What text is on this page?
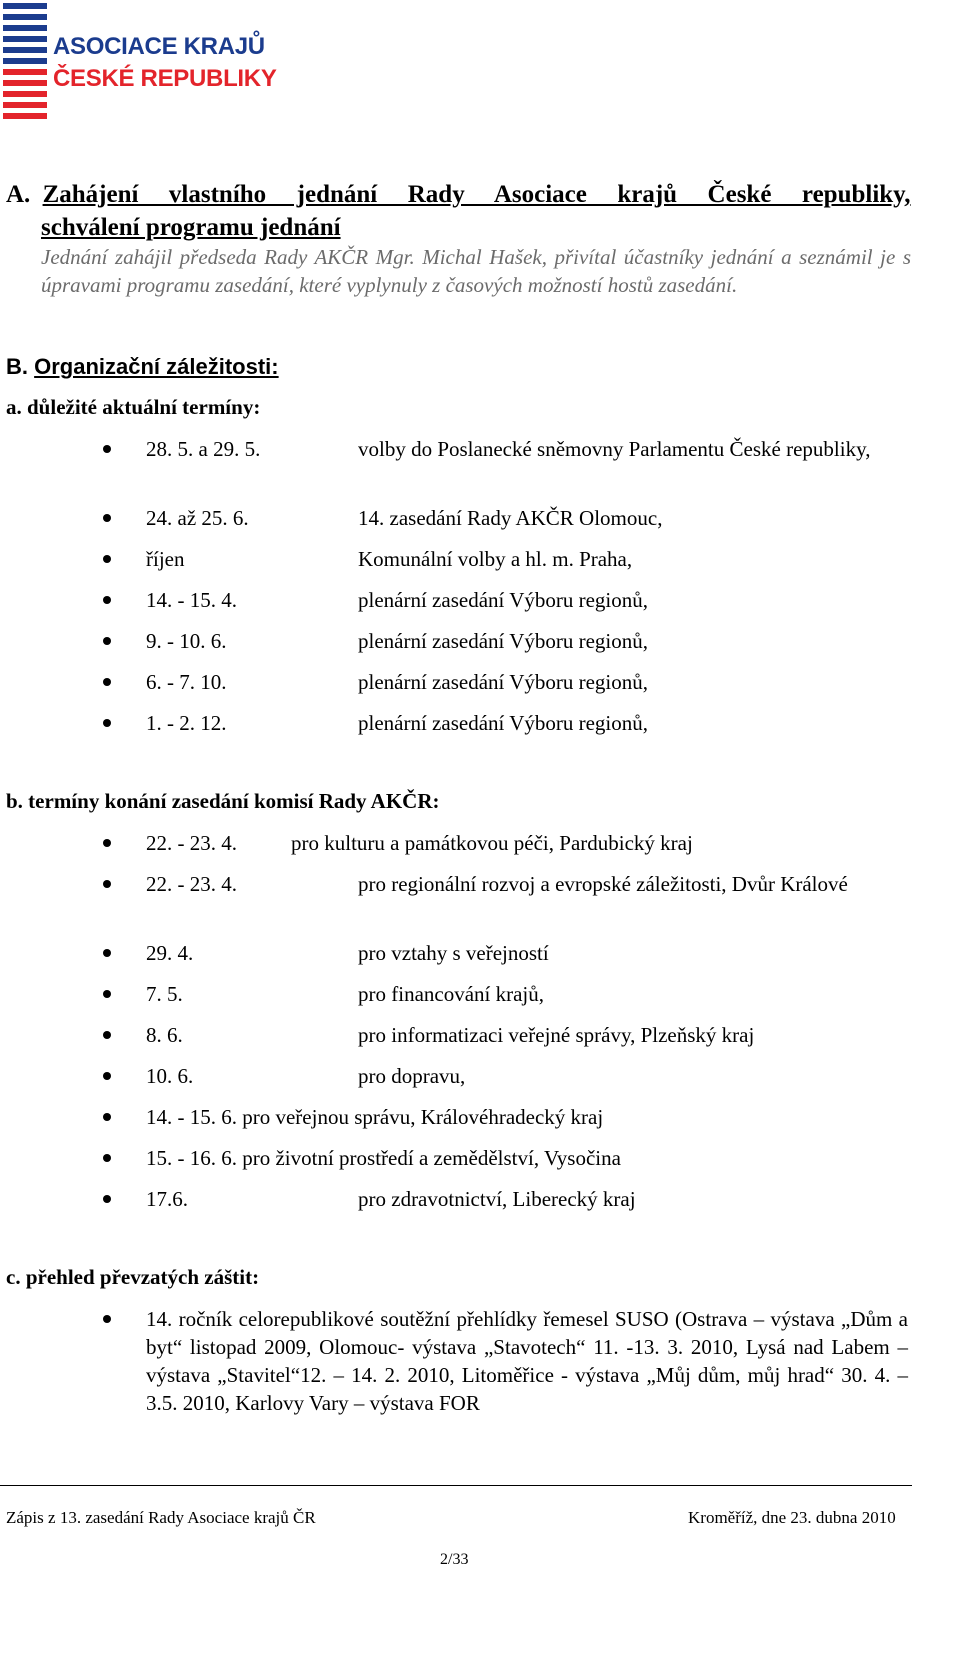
ASOCIACE KRAJŮ
ČESKÉ REPUBLIKY
A. Zahájení vlastního jednání Rady Asociace krajů České republiky,
schválení programu jednání
Jednání zahájil předseda Rady AKČR Mgr. Michal Hašek, přivítal účastníky jednání a seznámil je s úpravami programu zasedání, které vyplynuly z časových možností hostů zasedání.
B. Organizační záležitosti:
a. důležité aktuální termíny:
28. 5. a 29. 5.	volby do Poslanecké sněmovny Parlamentu České republiky,
24. až 25. 6.	14. zasedání Rady AKČR Olomouc,
říjen	Komunální volby a hl. m. Praha,
14. - 15. 4.	plenární zasedání Výboru regionů,
9. - 10. 6.	plenární zasedání Výboru regionů,
6. - 7. 10.	plenární zasedání Výboru regionů,
1. - 2. 12.	plenární zasedání Výboru regionů,
b. termíny konání zasedání komisí Rady AKČR:
22. - 23. 4.	pro kulturu a památkovou péči, Pardubický kraj
22. - 23. 4.	pro regionální rozvoj a evropské záležitosti, Dvůr Králové
29. 4.	pro vztahy s veřejností
7. 5.	pro financování krajů,
8. 6.	pro informatizaci veřejné správy, Plzeňský kraj
10. 6.	pro dopravu,
14. - 15. 6. pro veřejnou správu, Královéhradecký kraj
15. - 16. 6. pro životní prostředí a zemědělství, Vysočina
17.6.	pro zdravotnictví, Liberecký kraj
c. přehled převzatých záštit:
14. ročník celorepublikové soutěžní přehlídky řemesel SUSO (Ostrava – výstava „Dům a byt“ listopad 2009, Olomouc- výstava „Stavotech“ 11. -13. 3. 2010, Lysá nad Labem – výstava „Stavitel“12. – 14. 2. 2010, Litoměřice - výstava „Můj dům, můj hrad“ 30. 4. – 3.5. 2010, Karlovy Vary – výstava FOR
Zápis z 13. zasedání Rady Asociace krajů ČR	Kroměříž, dne 23. dubna 2010
2/33
